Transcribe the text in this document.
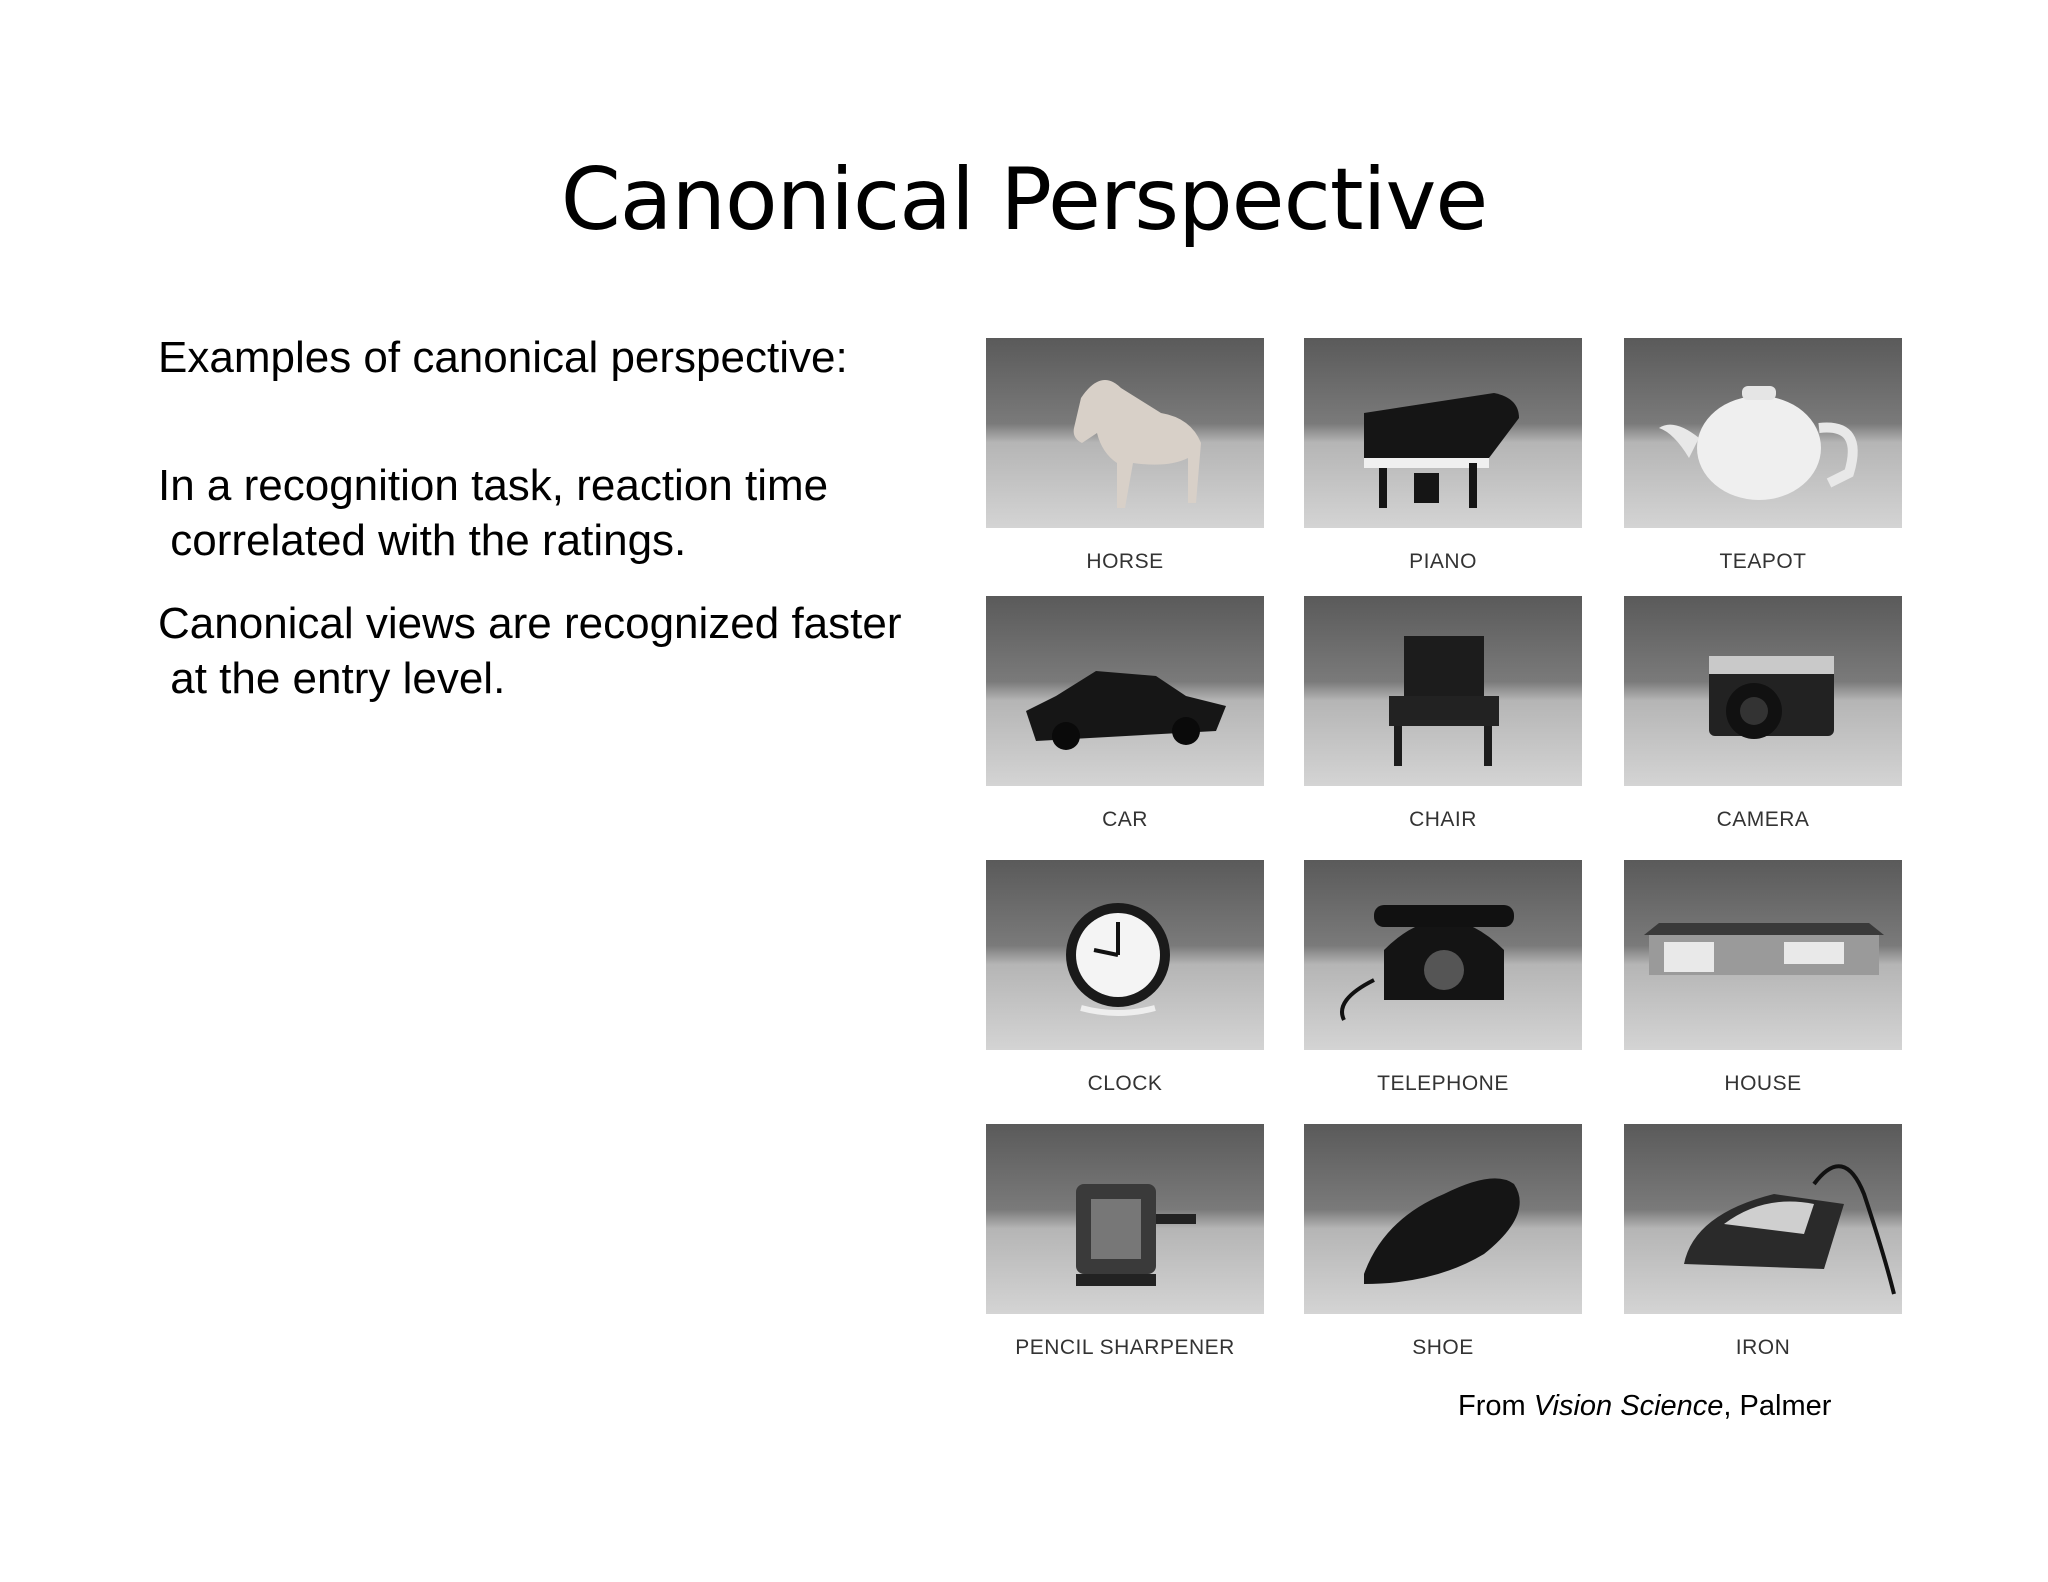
Canonical Perspective

Examples of canonical perspective:

In a recognition task, reaction time
correlated with the ratings.

Canonical views are recognized faster
at the entry level.

HORSE	PIANO	TEAPOT
CAR	CHAIR	CAMERA
CLOCK	TELEPHONE	HOUSE
PENCIL SHARPENER	SHOE	IRON
From Vision Science, Palmer
